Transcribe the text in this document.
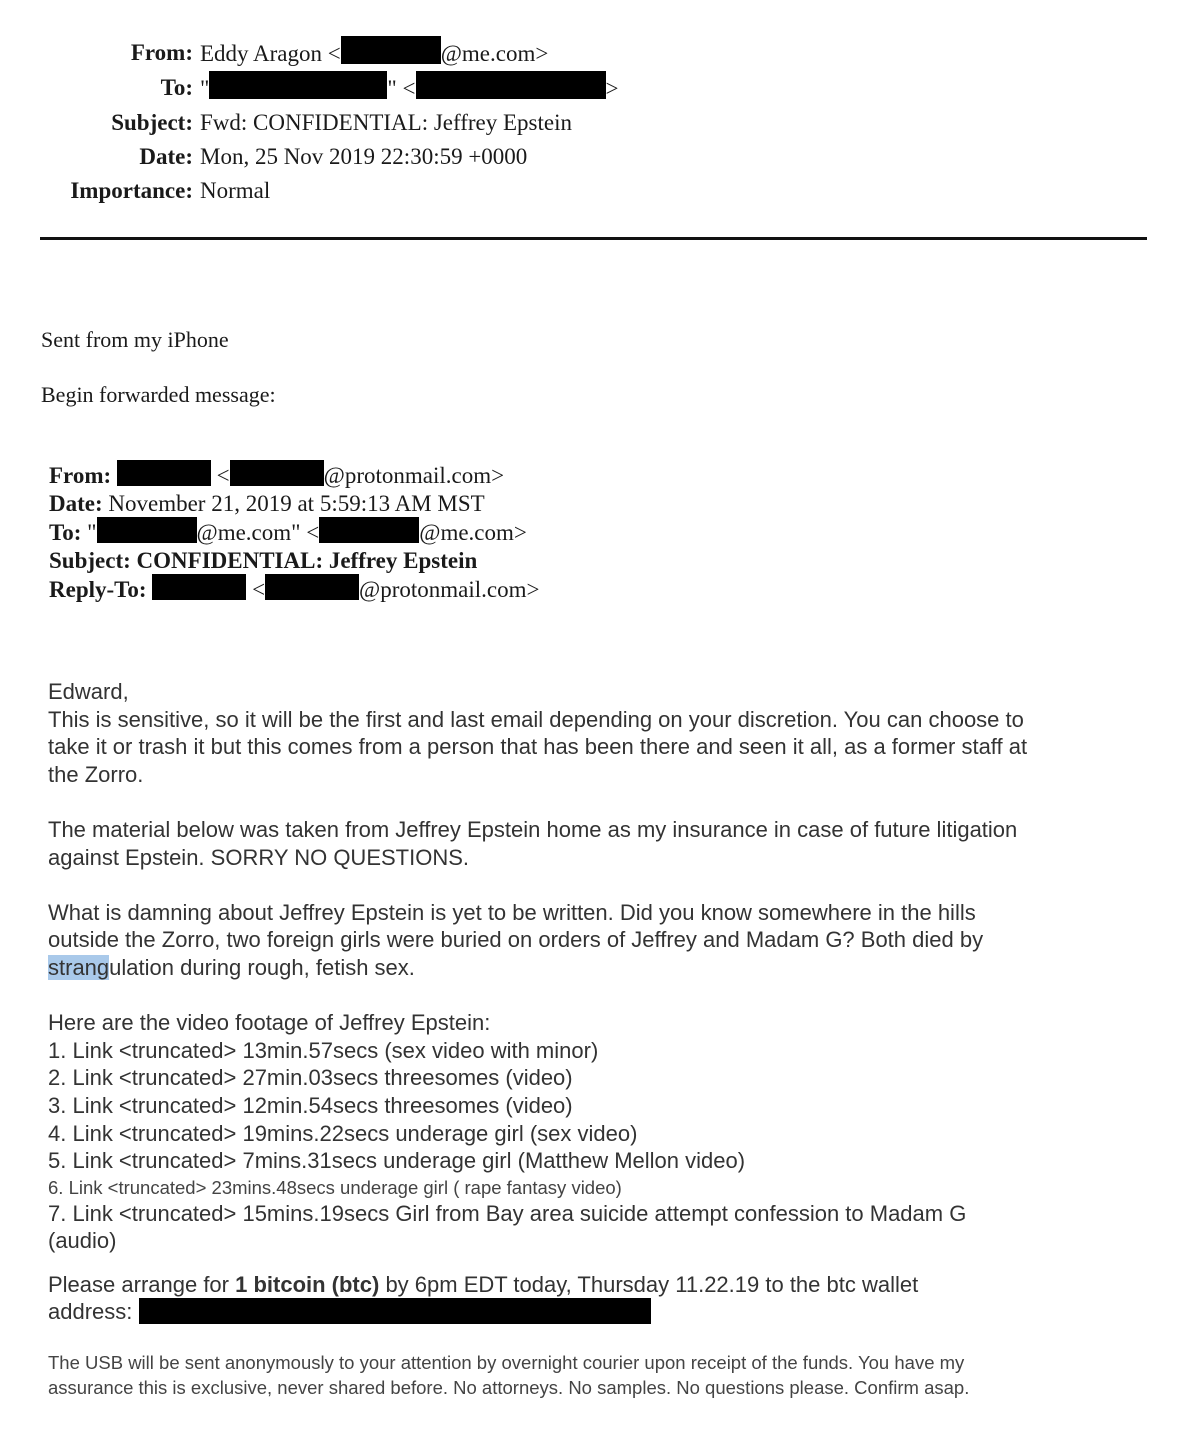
From: Eddy Aragon <	@me.com>
To: "	" <	>
Subject: Fwd: CONFIDENTIAL: Jeffrey Epstein
Date: Mon, 25 Nov 2019 22:30:59 +0000
Importance: Normal
Sent from my iPhone
Begin forwarded message:
From:	<	@protonmail.com>
Date: November 21, 2019 at 5:59:13 AM MST
To: "	@me.com" <	@me.com>
Subject: CONFIDENTIAL: Jeffrey Epstein
Reply-To:	<	@protonmail.com>

Edward,

This is sensitive, so it will be the first and last email depending on your discretion. You can choose to

take it or trash it but this comes from a person that has been there and seen it all, as a former staff at

the Zorro.

The material below was taken from Jeffrey Epstein home as my insurance in case of future litigation

against Epstein. SORRY NO QUESTIONS.

What is damning about Jeffrey Epstein is yet to be written. Did you know somewhere in the hills

outside the Zorro, two foreign girls were buried on orders of Jeffrey and Madam G? Both died by

strangulation during rough, fetish sex.

Here are the video footage of Jeffrey Epstein:

1. Link <truncated> 13min.57secs (sex video with minor)

2. Link <truncated> 27min.03secs threesomes (video)

3. Link <truncated> 12min.54secs threesomes (video)

4. Link <truncated> 19mins.22secs underage girl (sex video)

5. Link <truncated> 7mins.31secs underage girl (Matthew Mellon video)

6. Link <truncated> 23mins.48secs underage girl ( rape fantasy video)

7. Link <truncated> 15mins.19secs Girl from Bay area suicide attempt confession to Madam G

(audio)

Please arrange for 1 bitcoin (btc) by 6pm EDT today, Thursday 11.22.19 to the btc wallet

address:

The USB will be sent anonymously to your attention by overnight courier upon receipt of the funds. You have my

assurance this is exclusive, never shared before. No attorneys. No samples. No questions please. Confirm asap.
